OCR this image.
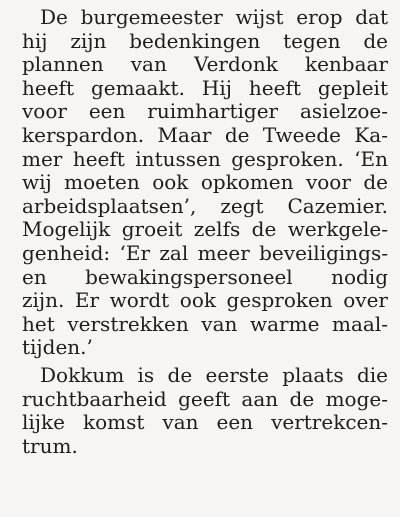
De burgemeester wijst erop dat
hij zijn bedenkingen tegen de
plannen van Verdonk kenbaar
heeft gemaakt. Hij heeft gepleit
voor een ruimhartiger asielzoe-
kerspardon. Maar de Tweede Ka-
mer heeft intussen gesproken. ‘En
wij moeten ook opkomen voor de
arbeidsplaatsen’, zegt Cazemier.
Mogelijk groeit zelfs de werkgele-
genheid: ‘Er zal meer beveiligings-
en bewakingspersoneel nodig
zijn. Er wordt ook gesproken over
het verstrekken van warme maal-
tijden.’

Dokkum is de eerste plaats die
ruchtbaarheid geeft aan de moge-
lijke komst van een vertrekcen-
trum.
